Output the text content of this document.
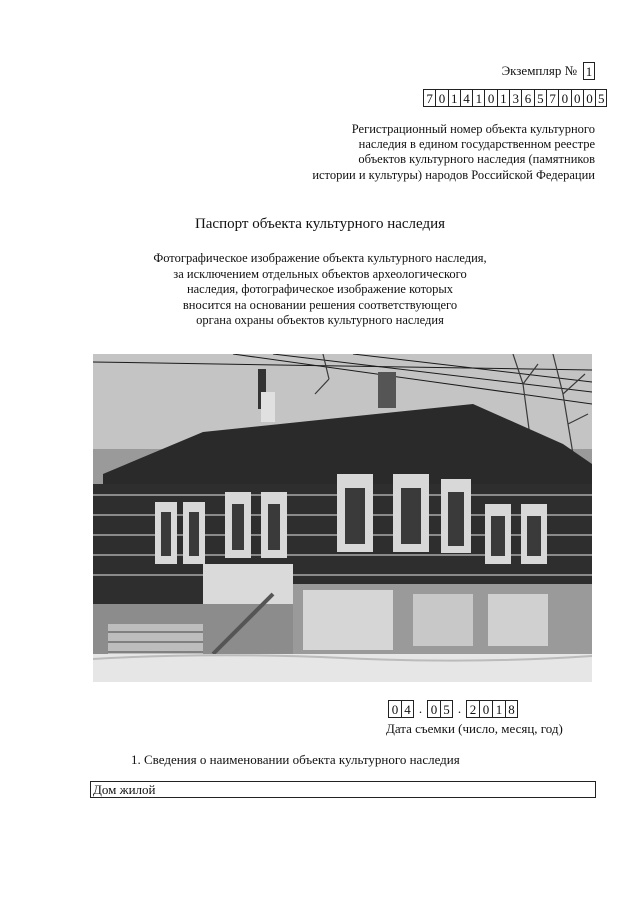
Экземпляр № 1
7 0 1 4 1 0 1 3 6 5 7 0 0 0 5
Регистрационный номер объекта культурного
наследия в едином государственном реестре
объектов культурного наследия (памятников
истории и культуры) народов Российской Федерации
Паспорт объекта культурного наследия
Фотографическое изображение объекта культурного наследия,
за исключением отдельных объектов археологического
наследия, фотографическое изображение которых
вносится на основании решения соответствующего
органа охраны объектов культурного наследия
0 4 . 0 5 . 2 0 1 8
Дата съемки (число, месяц, год)
1. Сведения о наименовании объекта культурного наследия
Дом жилой
